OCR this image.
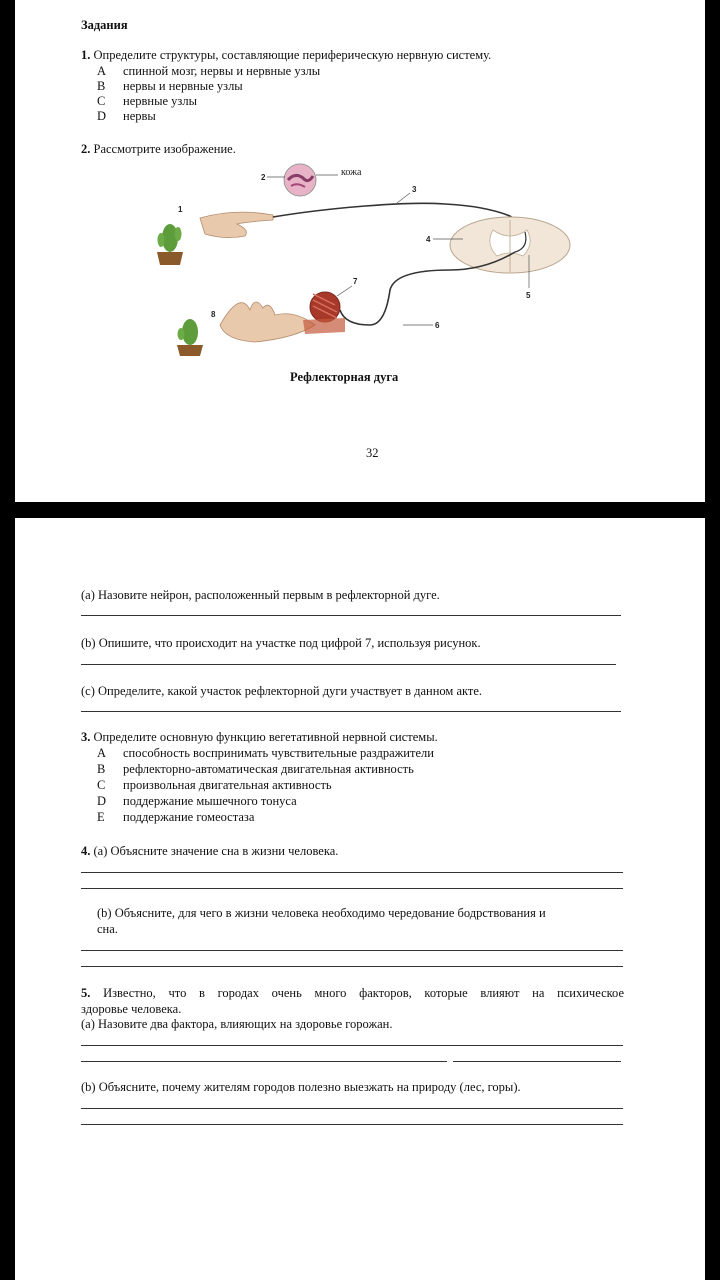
Задания
1. Определите структуры, составляющие периферическую нервную систему.
A спинной мозг, нервы и нервные узлы
B нервы и нервные узлы
C нервные узлы
D нервы
2. Рассмотрите изображение.
кожа
1
2
3
4
5
6
7
8
Рефлекторная дуга
32
(a) Назовите нейрон, расположенный первым в рефлекторной дуге.
(b) Опишите, что происходит на участке под цифрой 7, используя рисунок.
(c) Определите, какой участок рефлекторной дуги участвует в данном акте.
3. Определите основную функцию вегетативной нервной системы.
A способность воспринимать чувствительные раздражители
B рефлекторно-автоматическая двигательная активность
C произвольная двигательная активность
D поддержание мышечного тонуса
E поддержание гомеостаза
4. (a) Объясните значение сна в жизни человека.
(b) Объясните, для чего в жизни человека необходимо чередование бодрствования и
сна.
5. Известно, что в городах очень много факторов, которые влияют на психическое
здоровье человека.
(a) Назовите два фактора, влияющих на здоровье горожан.
(b) Объясните, почему жителям городов полезно выезжать на природу (лес, горы).
